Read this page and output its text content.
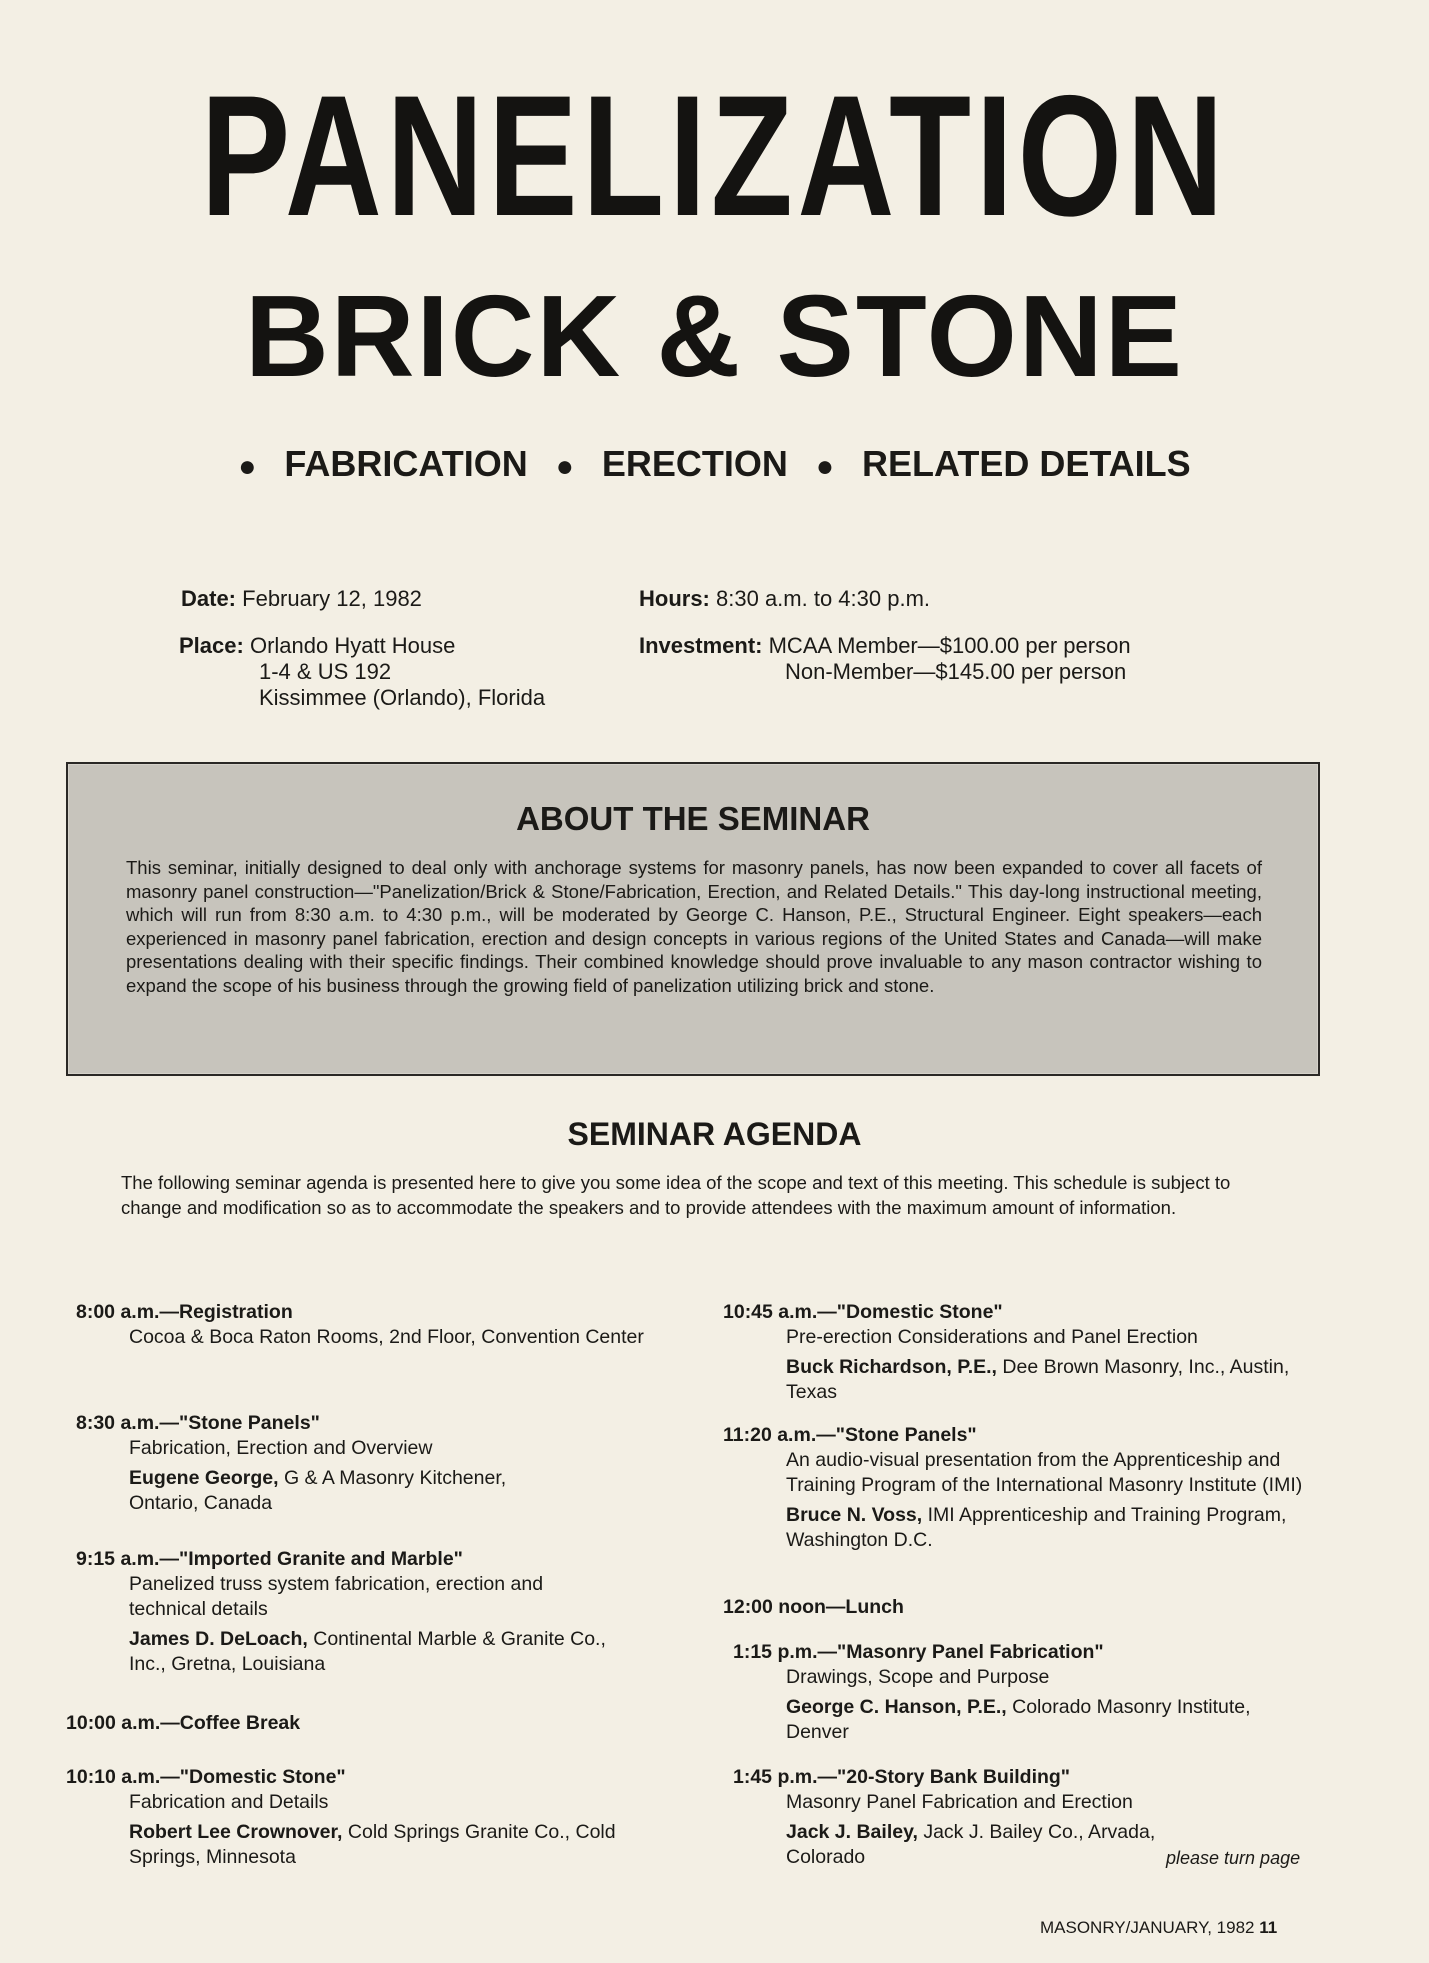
PANELIZATION
BRICK & STONE
● FABRICATION ● ERECTION ● RELATED DETAILS
Date: February 12, 1982
Place: Orlando Hyatt House
1-4 & US 192
Kissimmee (Orlando), Florida
Hours: 8:30 a.m. to 4:30 p.m.
Investment: MCAA Member—$100.00 per person
Non-Member—$145.00 per person
ABOUT THE SEMINAR

This seminar, initially designed to deal only with anchorage systems for masonry panels, has now been expanded to cover all facets of masonry panel construction—"Panelization/Brick & Stone/Fabrication, Erection, and Related Details." This day-long instructional meeting, which will run from 8:30 a.m. to 4:30 p.m., will be moderated by George C. Hanson, P.E., Structural Engineer. Eight speakers—each experienced in masonry panel fabrication, erection and design concepts in various regions of the United States and Canada—will make presentations dealing with their specific findings. Their combined knowledge should prove invaluable to any mason contractor wishing to expand the scope of his business through the growing field of panelization utilizing brick and stone.

SEMINAR AGENDA

The following seminar agenda is presented here to give you some idea of the scope and text of this meeting. This schedule is subject to change and modification so as to accommodate the speakers and to provide attendees with the maximum amount of information.

8:00 a.m.—Registration
Cocoa & Boca Raton Rooms, 2nd Floor, Convention Center
8:30 a.m.—"Stone Panels"
Fabrication, Erection and Overview
Eugene George, G & A Masonry Kitchener, Ontario, Canada
9:15 a.m.—"Imported Granite and Marble"
Panelized truss system fabrication, erection and technical details
James D. DeLoach, Continental Marble & Granite Co., Inc., Gretna, Louisiana
10:00 a.m.—Coffee Break
10:10 a.m.—"Domestic Stone"
Fabrication and Details
Robert Lee Crownover, Cold Springs Granite Co., Cold Springs, Minnesota
10:45 a.m.—"Domestic Stone"
Pre-erection Considerations and Panel Erection
Buck Richardson, P.E., Dee Brown Masonry, Inc., Austin, Texas
11:20 a.m.—"Stone Panels"
An audio-visual presentation from the Apprenticeship and Training Program of the International Masonry Institute (IMI)
Bruce N. Voss, IMI Apprenticeship and Training Program, Washington D.C.
12:00 noon—Lunch
1:15 p.m.—"Masonry Panel Fabrication"
Drawings, Scope and Purpose
George C. Hanson, P.E., Colorado Masonry Institute, Denver
1:45 p.m.—"20-Story Bank Building"
Masonry Panel Fabrication and Erection
Jack J. Bailey, Jack J. Bailey Co., Arvada, Colorado	please turn page
MASONRY/JANUARY, 1982 11
